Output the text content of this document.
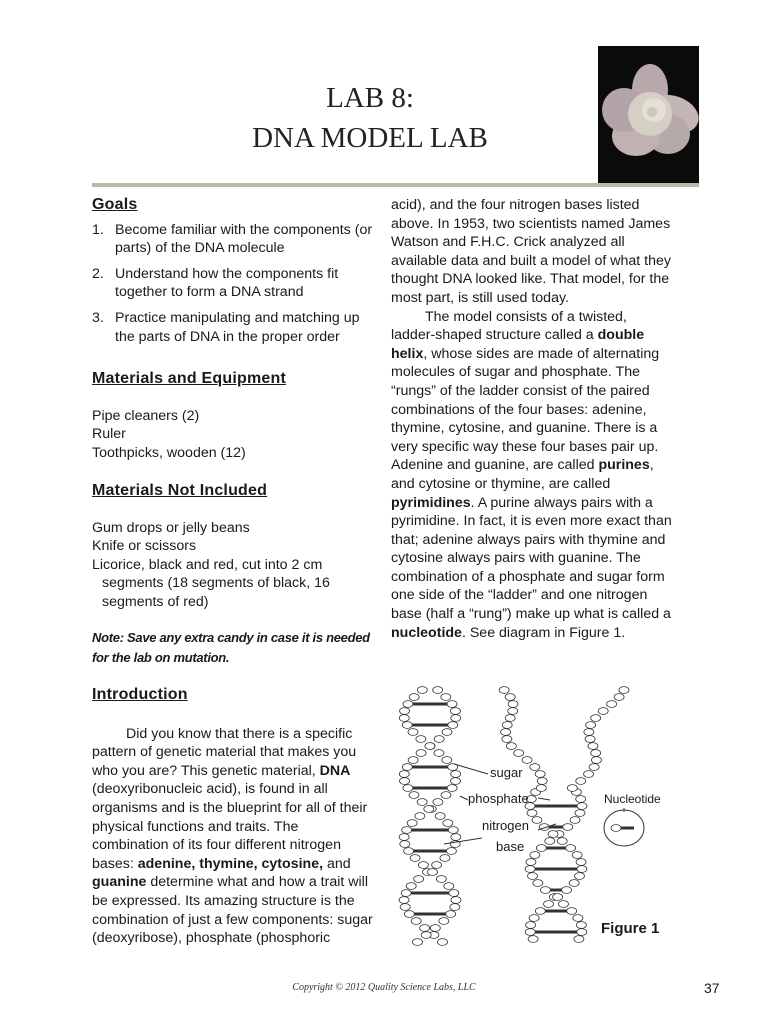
LAB 8:
DNA MODEL LAB
Goals
1. Become familiar with the components (or parts) of the DNA molecule
2. Understand how the components fit together to form a DNA strand
3. Practice manipulating and matching up the parts of DNA in the proper order
Materials and Equipment
Pipe cleaners (2)
Ruler
Toothpicks, wooden (12)
Materials Not Included
Gum drops or jelly beans
Knife or scissors
Licorice, black and red, cut into 2 cm
segments (18 segments of black, 16
segments of red)
Note: Save any extra candy in case it is needed for the lab on mutation.
Introduction

Did you know that there is a specific pattern of genetic material that makes you who you are? This genetic material, DNA (deoxyribonucleic acid), is found in all organisms and is the blueprint for all of their physical functions and traits. The combination of its four different nitrogen bases: adenine, thymine, cytosine, and guanine determine what and how a trait will be expressed. Its amazing structure is the combination of just a few components: sugar (deoxyribose), phosphate (phosphoric

acid), and the four nitrogen bases listed above. In 1953, two scientists named James Watson and F.H.C. Crick analyzed all available data and built a model of what they thought DNA looked like. That model, for the most part, is still used today.

The model consists of a twisted, ladder-shaped structure called a double helix, whose sides are made of alternating molecules of sugar and phosphate. The “rungs” of the ladder consist of the paired combinations of the four bases: adenine, thymine, cytosine, and guanine. There is a very specific way these four bases pair up. Adenine and guanine, are called purines, and cytosine or thymine, are called pyrimidines. A purine always pairs with a pyrimidine. In fact, it is even more exact than that; adenine always pairs with thymine and cytosine always pairs with guanine. The combination of a phosphate and sugar form one side of the “ladder” and one nitrogen base (half a “rung”) make up what is called a nucleotide. See diagram in Figure 1.

sugar
phosphate
nitrogen
base
Nucleotide
Figure 1
Copyright © 2012 Quality Science Labs, LLC	37
